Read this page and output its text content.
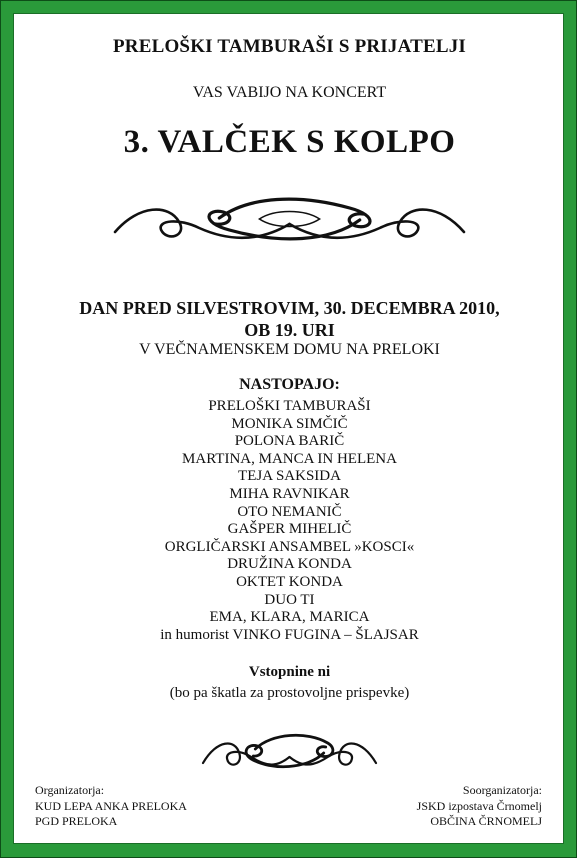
PRELOŠKI TAMBURAŠI S PRIJATELJI
VAS VABIJO NA KONCERT
3. VALČEK S KOLPO
DAN PRED SILVESTROVIM, 30. DECEMBRA 2010,
OB 19. URI
V VEČNAMENSKEM DOMU NA PRELOKI
NASTOPAJO:
PRELOŠKI TAMBURAŠI
MONIKA SIMČIČ
POLONA BARIČ
MARTINA, MANCA IN HELENA
TEJA SAKSIDA
MIHA RAVNIKAR
OTO NEMANIČ
GAŠPER MIHELIČ
ORGLIČARSKI ANSAMBEL »KOSCI«
DRUŽINA KONDA
OKTET KONDA
DUO TI
EMA, KLARA, MARICA
in humorist VINKO FUGINA – ŠLAJSAR
Vstopnine ni
(bo pa škatla za prostovoljne prispevke)
Organizatorja:
KUD LEPA ANKA PRELOKA
PGD PRELOKA
Soorganizatorja:
JSKD izpostava Črnomelj
OBČINA ČRNOMELJ
